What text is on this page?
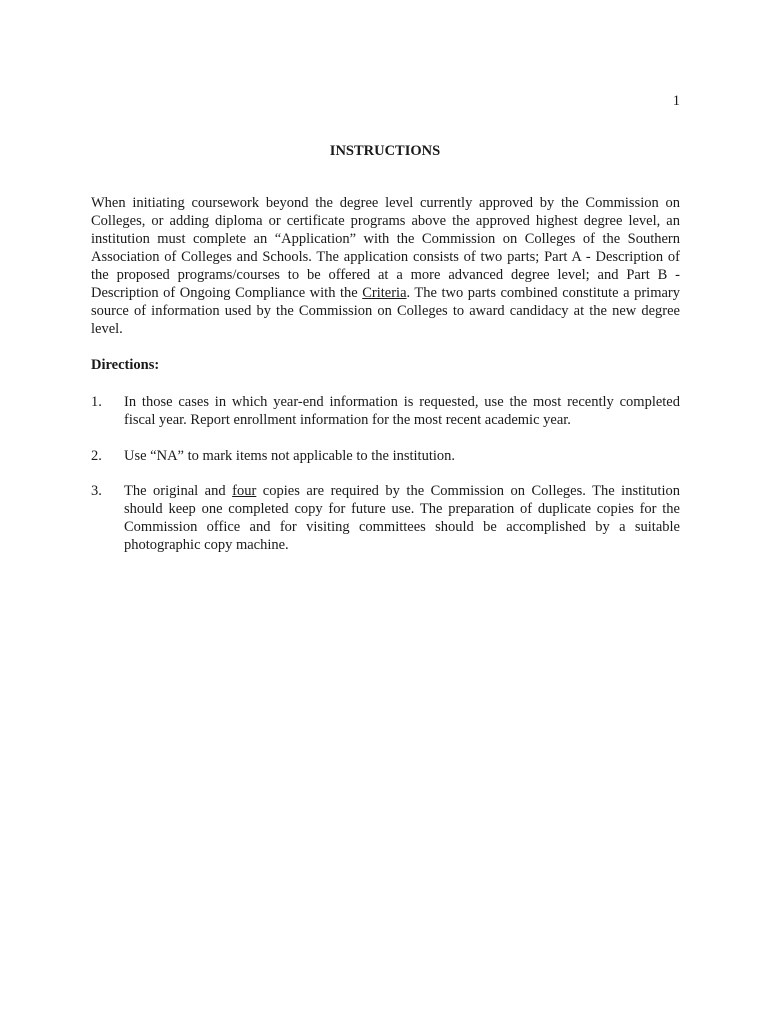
1
INSTRUCTIONS

When initiating coursework beyond the degree level currently approved by the Commission on Colleges, or adding diploma or certificate programs above the approved highest degree level, an institution must complete an “Application” with the Commission on Colleges of the Southern Association of Colleges and Schools. The application consists of two parts; Part A - Description of the proposed programs/courses to be offered at a more advanced degree level; and Part B - Description of Ongoing Compliance with the Criteria. The two parts combined constitute a primary source of information used by the Commission on Colleges to award candidacy at the new degree level.

Directions:
1. In those cases in which year-end information is requested, use the most recently completed fiscal year. Report enrollment information for the most recent academic year.
2. Use “NA” to mark items not applicable to the institution.
3. The original and four copies are required by the Commission on Colleges. The institution should keep one completed copy for future use. The preparation of duplicate copies for the Commission office and for visiting committees should be accomplished by a suitable photographic copy machine.
